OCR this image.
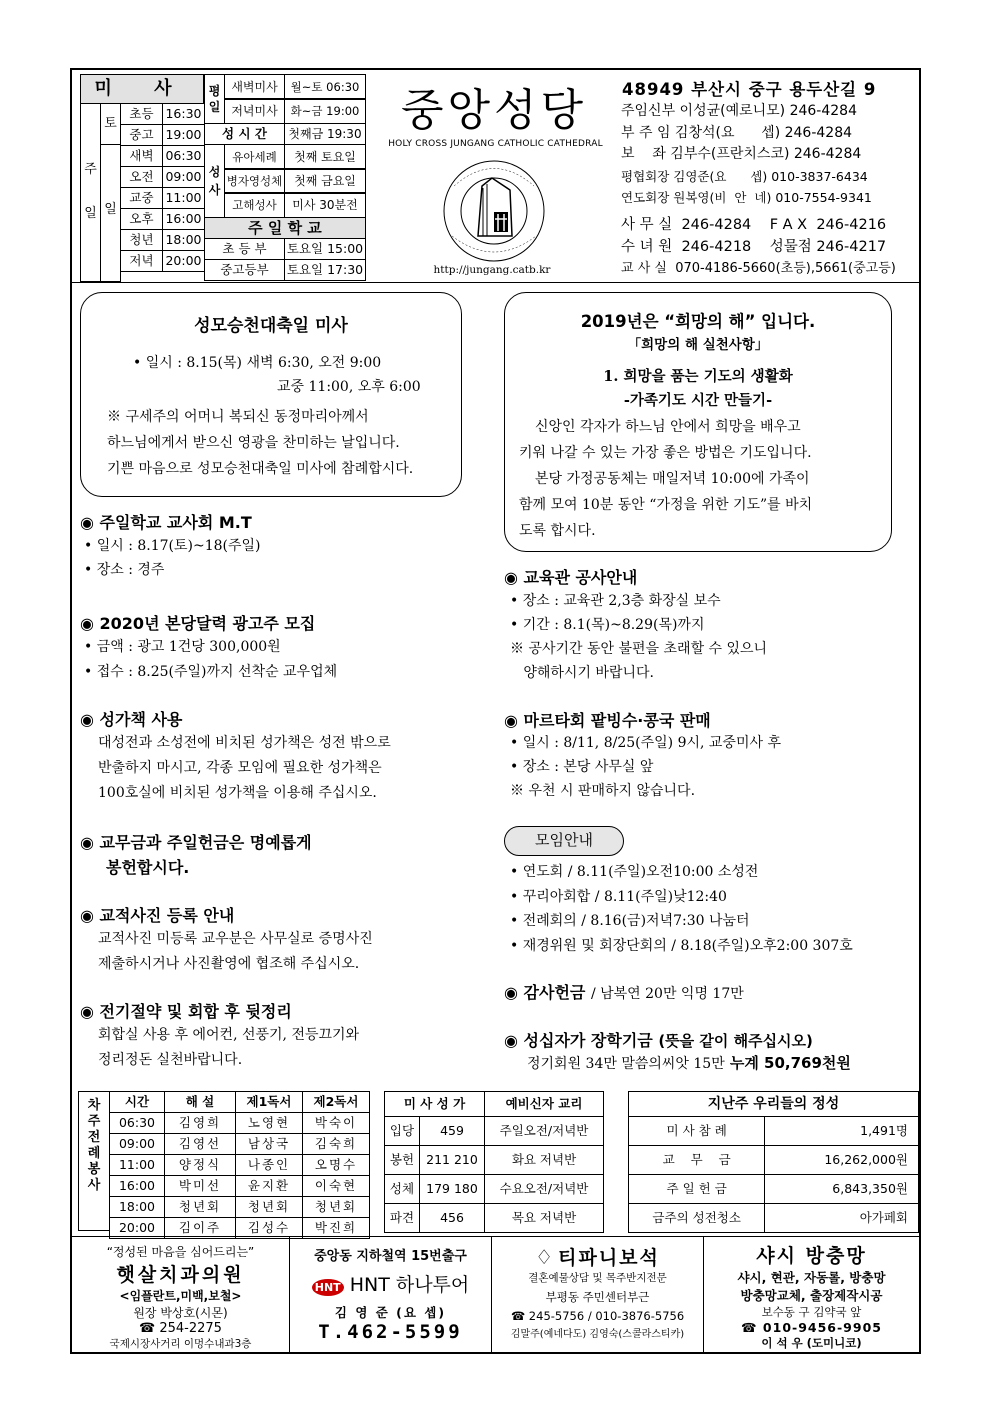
미 사
주
일
토
일
초등 16:30
중고 19:00
새벽 06:30
오전 09:00
교중 11:00
오후 16:00
청년 18:00
저녁 20:00
평
일
새벽미사	월~토 06:30
저녁미사	화~금 19:00
성 시 간	첫째금 19:30
성
사
유아세례	첫째 토요일
병자영성체 첫째 금요일
고해성사	미사 30분전
주 일 학 교
초 등 부	토요일 15:00
중고등부	토요일 17:30
중앙성당
HOLY CROSS JUNGANG CATHOLIC CATHEDRAL
http://jungang.catb.kr
48949 부산시 중구 용두산길 9
주임신부 이성균(예로니모) 246-4284
부 주 임 김창석(요      셉) 246-4284
보    좌 김부수(프란치스코) 246-4284
평협회장 김영준(요      셉) 010-3837-6434
연도회장 원복영(비  안  네) 010-7554-9341
사 무 실  246-4284    F A X  246-4216
수 녀 원  246-4218    성물점 246-4217
교 사 실  070-4186-5660(초등),5661(중고등)
성모승천대축일 미사
• 일시 : 8.15(목) 새벽 6:30, 오전 9:00
교중 11:00, 오후 6:00
※ 구세주의 어머니 복되신 동정마리아께서
하느님에게서 받으신 영광을 찬미하는 날입니다.
기쁜 마음으로 성모승천대축일 미사에 참례합시다.
2019년은 “희망의 해” 입니다.
「희망의 해 실천사항」
1. 희망을 품는 기도의 생활화
-가족기도 시간 만들기-
신앙인 각자가 하느님 안에서 희망을 배우고
키워 나갈 수 있는 가장 좋은 방법은 기도입니다.
본당 가정공동체는 매일저녁 10:00에 가족이
함께 모여 10분 동안 “가정을 위한 기도”를 바치
도록 합시다.
◉ 주일학교 교사회 M.T
• 일시 : 8.17(토)~18(주일)
• 장소 : 경주
◉ 2020년 본당달력 광고주 모집
• 금액 : 광고 1건당 300,000원
• 접수 : 8.25(주일)까지 선착순 교우업체
◉ 성가책 사용
대성전과 소성전에 비치된 성가책은 성전 밖으로
반출하지 마시고, 각종 모임에 필요한 성가책은
100호실에 비치된 성가책을 이용해 주십시오.
◉ 교무금과 주일헌금은 명예롭게
봉헌합시다.
◉ 교적사진 등록 안내
교적사진 미등록 교우분은 사무실로 증명사진
제출하시거나 사진촬영에 협조해 주십시오.
◉ 전기절약 및 회합 후 뒷정리
회합실 사용 후 에어컨, 선풍기, 전등끄기와
정리정돈 실천바랍니다.
◉ 교육관 공사안내
• 장소 : 교육관 2,3층 화장실 보수
• 기간 : 8.1(목)~8.29(목)까지
※ 공사기간 동안 불편을 초래할 수 있으니
양해하시기 바랍니다.
◉ 마르타회 팥빙수·콩국 판매
• 일시 : 8/11, 8/25(주일) 9시, 교중미사 후
• 장소 : 본당 사무실 앞
※ 우천 시 판매하지 않습니다.
모임안내
• 연도회 / 8.11(주일)오전10:00 소성전
• 꾸리아회합 / 8.11(주일)낮12:40
• 전례회의 / 8.16(금)저녁7:30 나눔터
• 재경위원 및 회장단회의 / 8.18(주일)오후2:00 307호
◉ 감사헌금 / 남복연 20만 익명 17만
◉ 성십자가 장학기금 (뜻을 같이 해주십시오)
정기회원 34만 말씀의씨앗 15만 누계 50,769천원
차
주
전
례
봉
사
시간	해 설	제1독서	제2독서
06:30	김영희	노영현	박숙이
09:00	김영선	남상국	김숙희
11:00	양정식	나종인	오명수
16:00	박미선	윤지환	이숙현
18:00	청년회	청년회	청년회
20:00	김이주	김성수	박진희
미 사 성 가		예비신자 교리
입당	459	주일오전/저녁반
봉헌	211 210	화요 저녁반
성체	179 180	수요오전/저녁반
파견	456	목요 저녁반
지난주 우리들의 정성	
미 사 참 례	1,491명
교    무    금	16,262,000원
주 일 헌 금	6,843,350원
금주의 성전청소	아가페회
“정성된 마음을 심어드리는”
햇살치과의원
<임플란트,미백,보철>
원장 박상호(시몬)
☎ 254-2275
국제시장사거리 이멍수내과3층
중앙동 지하철역 15번출구
HNT HNT 하나투어
김 영 준 (요 셉)
T.462-5599
♢ 티파니보석
결혼예물상담 및 목주반지전문
부평동 주민센터부근
☎ 245-5756 / 010-3876-5756
김말주(예네다도) 김영숙(스콜라스티카)
샤시 방충망
샤시, 현관, 자동롤, 방충망
방충망교체, 출장제작시공
보수동 구 김약국 앞
☎ 010-9456-9905
이 석 우 (도미니코)
